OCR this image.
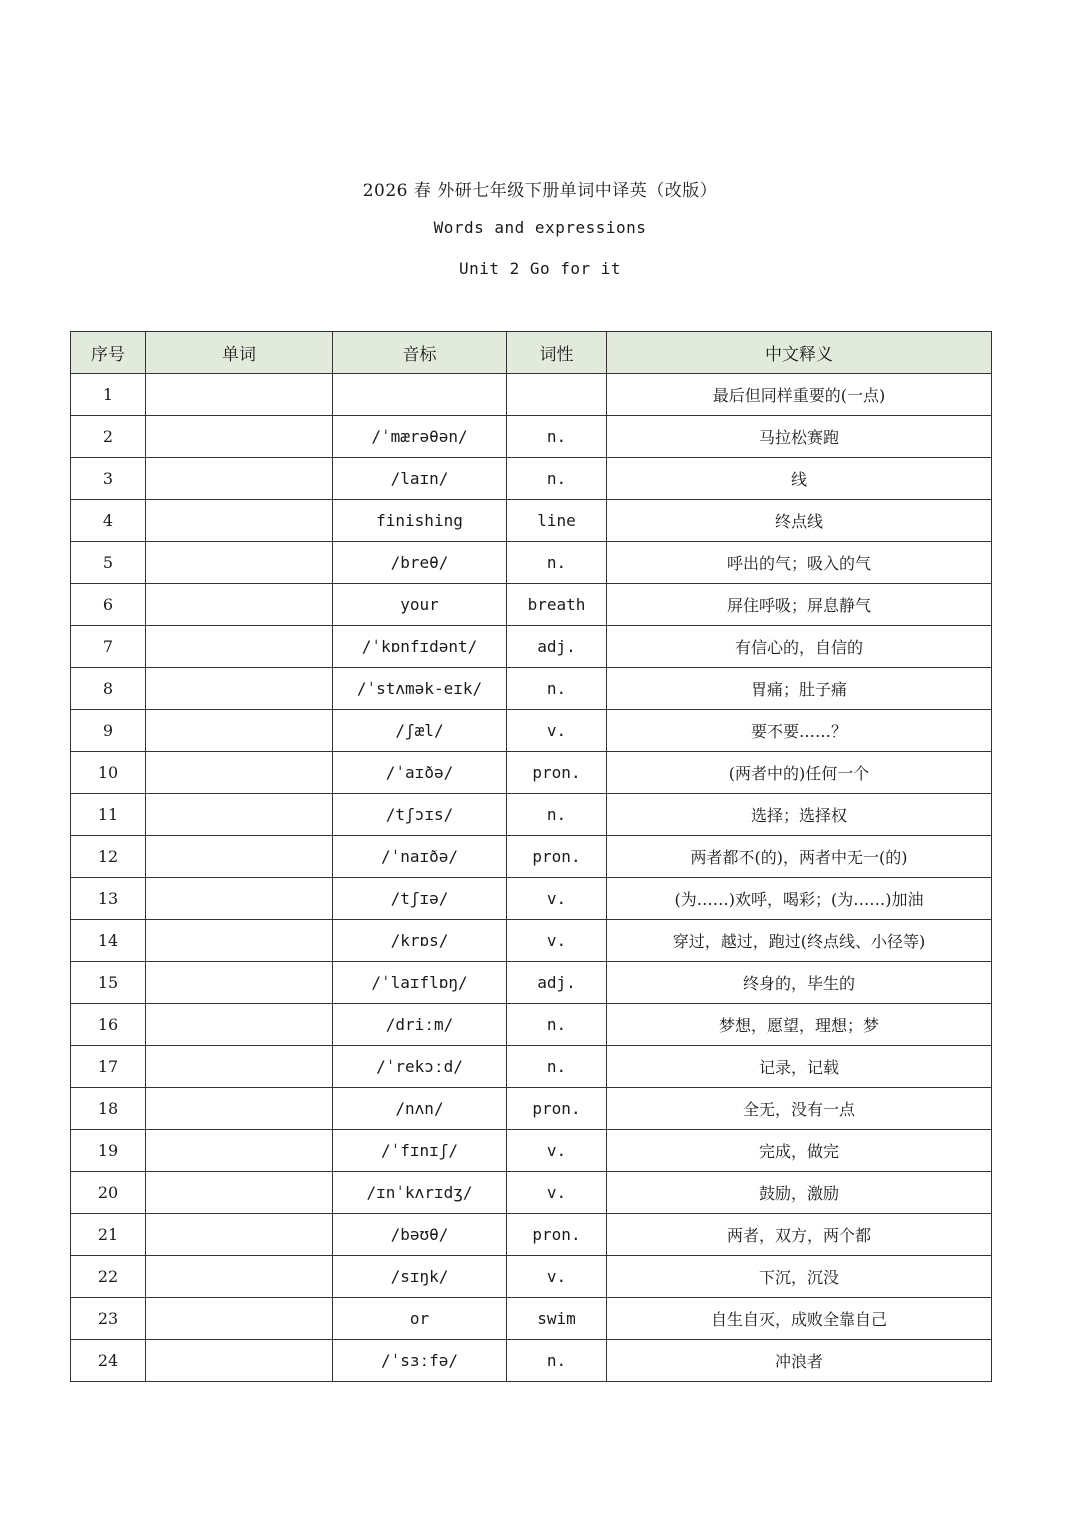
2026 春 外研七年级下册单词中译英（改版）
Words and expressions
Unit 2 Go for it
序号	单词	音标	词性	中文释义
1				最后但同样重要的(一点)
2		/ˈmærəθən/	n.	马拉松赛跑
3		/laɪn/	n.	线
4		finishing	line	终点线
5		/breθ/	n.	呼出的气；吸入的气
6		your	breath	屏住呼吸；屏息静气
7		/ˈkɒnfɪdənt/	adj.	有信心的，自信的
8		/ˈstʌmək-eɪk/	n.	胃痛；肚子痛
9		/ʃæl/	v.	要不要……？
10		/ˈaɪðə/	pron.	(两者中的)任何一个
11		/tʃɔɪs/	n.	选择；选择权
12		/ˈnaɪðə/	pron.	两者都不(的)，两者中无一(的)
13		/tʃɪə/	v.	(为……)欢呼，喝彩；(为……)加油
14		/krɒs/	v.	穿过，越过，跑过(终点线、小径等)
15		/ˈlaɪflɒŋ/	adj.	终身的，毕生的
16		/driːm/	n.	梦想，愿望，理想；梦
17		/ˈrekɔːd/	n.	记录，记载
18		/nʌn/	pron.	全无，没有一点
19		/ˈfɪnɪʃ/	v.	完成，做完
20		/ɪnˈkʌrɪdʒ/	v.	鼓励，激励
21		/bəʊθ/	pron.	两者，双方，两个都
22		/sɪŋk/	v.	下沉，沉没
23		or	swim	自生自灭，成败全靠自己
24		/ˈsɜːfə/	n.	冲浪者
